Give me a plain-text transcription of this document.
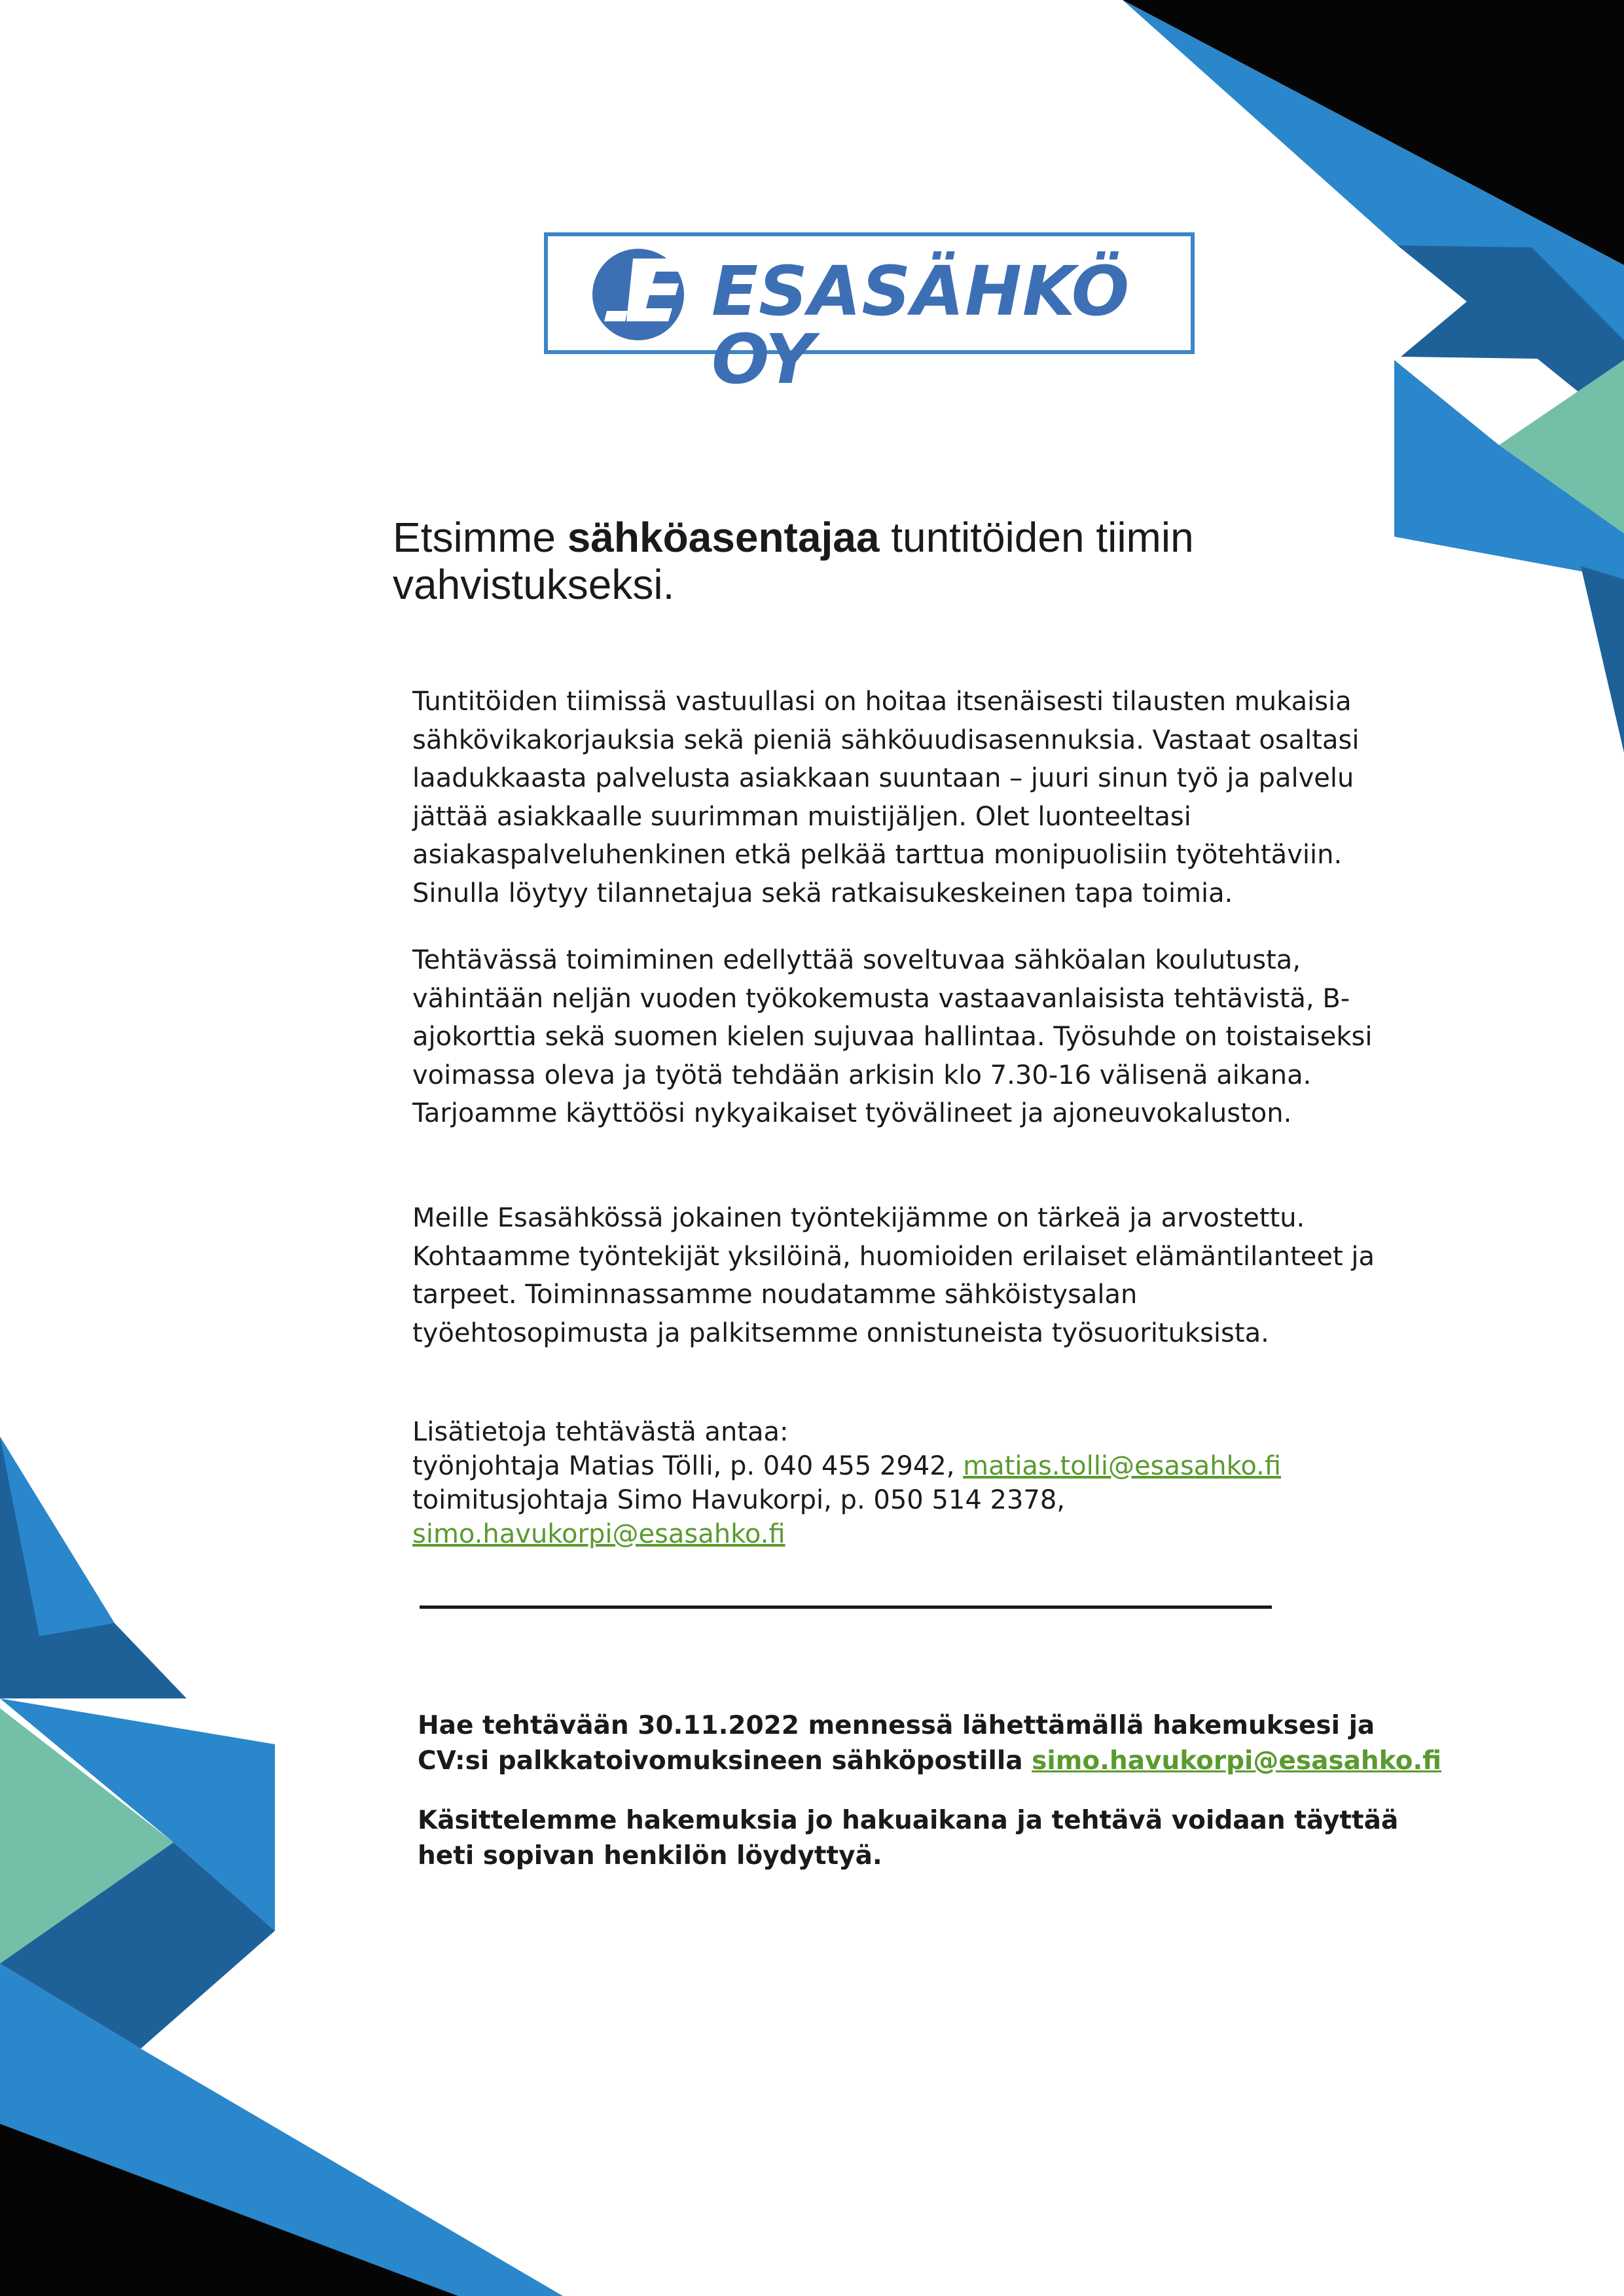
ESASÄHKÖ OY
Etsimme sähköasentajaa tuntitöiden tiimin
vahvistukseksi.

Tuntitöiden tiimissä vastuullasi on hoitaa itsenäisesti tilausten mukaisia sähkövikakorjauksia sekä pieniä sähköuudisasennuksia. Vastaat osaltasi laadukkaasta palvelusta asiakkaan suuntaan – juuri sinun työ ja palvelu jättää asiakkaalle suurimman muistijäljen. Olet luonteeltasi asiakaspalveluhenkinen etkä pelkää tarttua monipuolisiin työtehtäviin. Sinulla löytyy tilannetajua sekä ratkaisukeskeinen tapa toimia.

Tehtävässä toimiminen edellyttää soveltuvaa sähköalan koulutusta, vähintään neljän vuoden työkokemusta vastaavanlaisista tehtävistä, B-ajokorttia sekä suomen kielen sujuvaa hallintaa. Työsuhde on toistaiseksi voimassa oleva ja työtä tehdään arkisin klo 7.30-16 välisenä aikana. Tarjoamme käyttöösi nykyaikaiset työvälineet ja ajoneuvokaluston.

Meille Esasähkössä jokainen työntekijämme on tärkeä ja arvostettu. Kohtaamme työntekijät yksilöinä, huomioiden erilaiset elämäntilanteet ja tarpeet. Toiminnassamme noudatamme sähköistysalan työehtosopimusta ja palkitsemme onnistuneista työsuorituksista.

Lisätietoja tehtävästä antaa:
työnjohtaja Matias Tölli, p. 040 455 2942, matias.tolli@esasahko.fi
toimitusjohtaja Simo Havukorpi, p. 050 514 2378,
simo.havukorpi@esasahko.fi
Hae tehtävään 30.11.2022 mennessä lähettämällä hakemuksesi ja
CV:si palkkatoivomuksineen sähköpostilla simo.havukorpi@esasahko.fi
Käsittelemme hakemuksia jo hakuaikana ja tehtävä voidaan täyttää
heti sopivan henkilön löydyttyä.
